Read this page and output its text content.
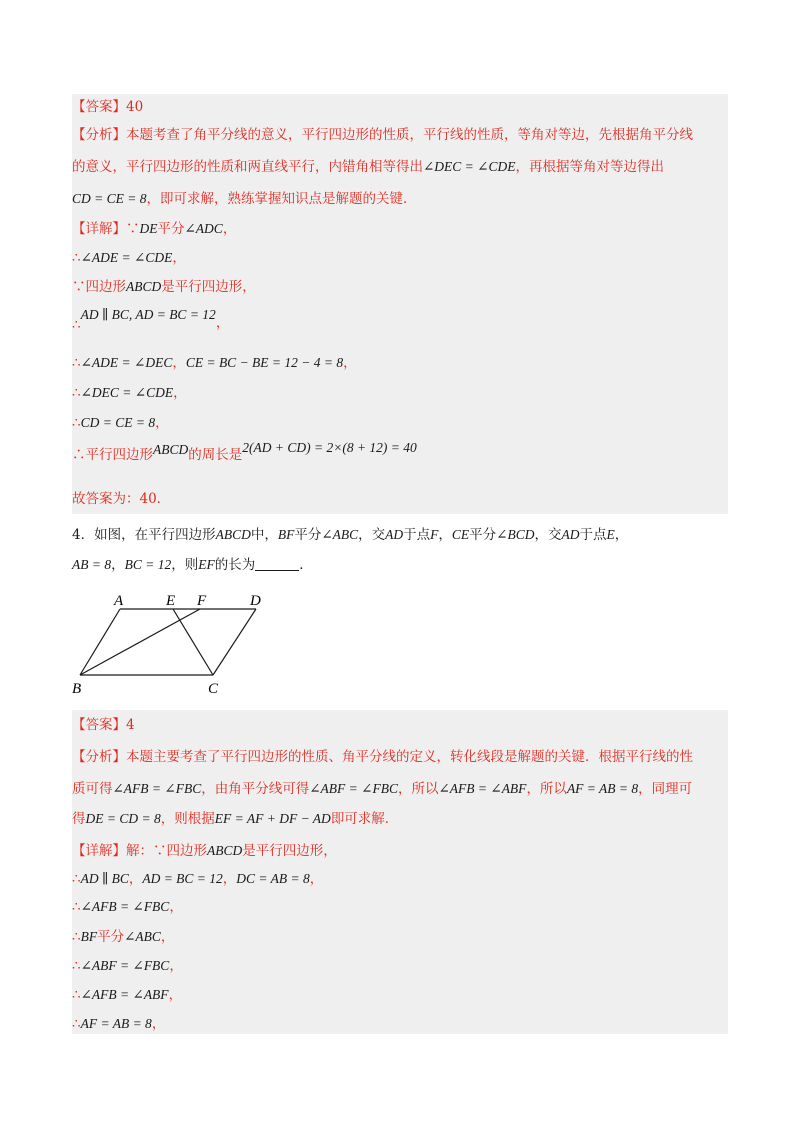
【答案】40
【分析】本题考查了角平分线的意义，平行四边形的性质，平行线的性质，等角对等边，先根据角平分线
的意义，平行四边形的性质和两直线平行，内错角相等得出∠DEC = ∠CDE，再根据等角对等边得出
CD = CE = 8，即可求解，熟练掌握知识点是解题的关键．
【详解】∵DE平分∠ADC，
∴∠ADE = ∠CDE，
∵四边形ABCD是平行四边形，
∴AD ∥ BC, AD = BC = 12，
∴∠ADE = ∠DEC，CE = BC − BE = 12 − 4 = 8，
∴∠DEC = ∠CDE，
∴CD = CE = 8，
∴平行四边形ABCD的周长是2(AD + CD) = 2×(8 + 12) = 40
故答案为：40．
4．如图，在平行四边形ABCD中，BF平分∠ABC，交AD于点F，CE平分∠BCD，交AD于点E，
AB = 8，BC = 12，则EF的长为	．
A	E F	D
B	C
【答案】4
【分析】本题主要考查了平行四边形的性质、角平分线的定义，转化线段是解题的关键．根据平行线的性
质可得∠AFB = ∠FBC，由角平分线可得∠ABF = ∠FBC，所以∠AFB = ∠ABF，所以AF = AB = 8，同理可
得DE = CD = 8，则根据EF = AF + DF − AD即可求解．
【详解】解：∵四边形ABCD是平行四边形，
∴AD ∥ BC，AD = BC = 12，DC = AB = 8，
∴∠AFB = ∠FBC，
∴BF平分∠ABC，
∴∠ABF = ∠FBC，
∴∠AFB = ∠ABF，
∴AF = AB = 8，
